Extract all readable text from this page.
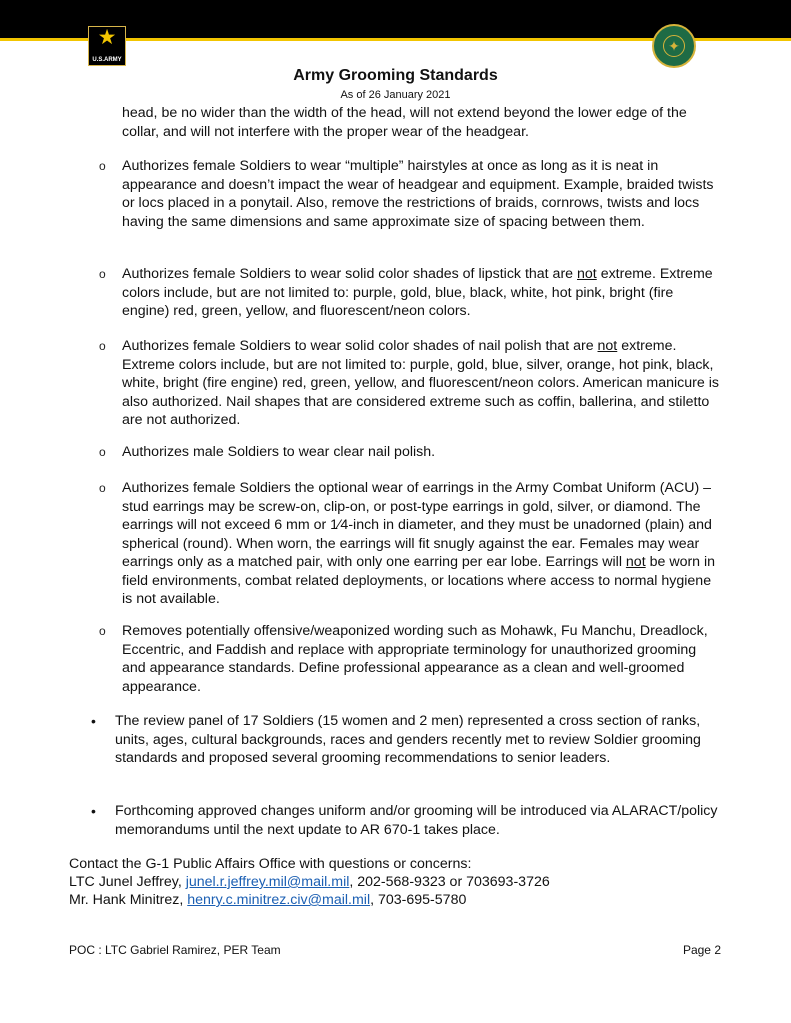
★
U.S.ARMY
✦
Army Grooming Standards
As of 26 January 2021

head, be no wider than the width of the head, will not extend beyond the lower edge of the collar, and will not interfere with the proper wear of the headgear.

o Authorizes female Soldiers to wear “multiple” hairstyles at once as long as it is neat in appearance and doesn’t impact the wear of headgear and equipment. Example, braided twists or locs placed in a ponytail. Also, remove the restrictions of braids, cornrows, twists and locs having the same dimensions and same approximate size of spacing between them.

o Authorizes female Soldiers to wear solid color shades of lipstick that are not extreme. Extreme colors include, but are not limited to: purple, gold, blue, black, white, hot pink, bright (fire engine) red, green, yellow, and fluorescent/neon colors.

o Authorizes female Soldiers to wear solid color shades of nail polish that are not extreme. Extreme colors include, but are not limited to: purple, gold, blue, silver, orange, hot pink, black, white, bright (fire engine) red, green, yellow, and fluorescent/neon colors. American manicure is also authorized. Nail shapes that are considered extreme such as coffin, ballerina, and stiletto are not authorized.

o Authorizes male Soldiers to wear clear nail polish.

o Authorizes female Soldiers the optional wear of earrings in the Army Combat Uniform (ACU) – stud earrings may be screw-on, clip-on, or post-type earrings in gold, silver, or diamond. The earrings will not exceed 6 mm or 1⁄4-inch in diameter, and they must be unadorned (plain) and spherical (round). When worn, the earrings will fit snugly against the ear. Females may wear earrings only as a matched pair, with only one earring per ear lobe. Earrings will not be worn in field environments, combat related deployments, or locations where access to normal hygiene is not available.

o Removes potentially offensive/weaponized wording such as Mohawk, Fu Manchu, Dreadlock, Eccentric, and Faddish and replace with appropriate terminology for unauthorized grooming and appearance standards. Define professional appearance as a clean and well-groomed appearance.

• The review panel of 17 Soldiers (15 women and 2 men) represented a cross section of ranks, units, ages, cultural backgrounds, races and genders recently met to review Soldier grooming standards and proposed several grooming recommendations to senior leaders.

• Forthcoming approved changes uniform and/or grooming will be introduced via ALARACT/policy memorandums until the next update to AR 670-1 takes place.

Contact the G-1 Public Affairs Office with questions or concerns:
LTC Junel Jeffrey, junel.r.jeffrey.mil@mail.mil, 202-568-9323 or 703693-3726
Mr. Hank Minitrez, henry.c.minitrez.civ@mail.mil, 703-695-5780
POC : LTC Gabriel Ramirez, PER Team	Page 2
